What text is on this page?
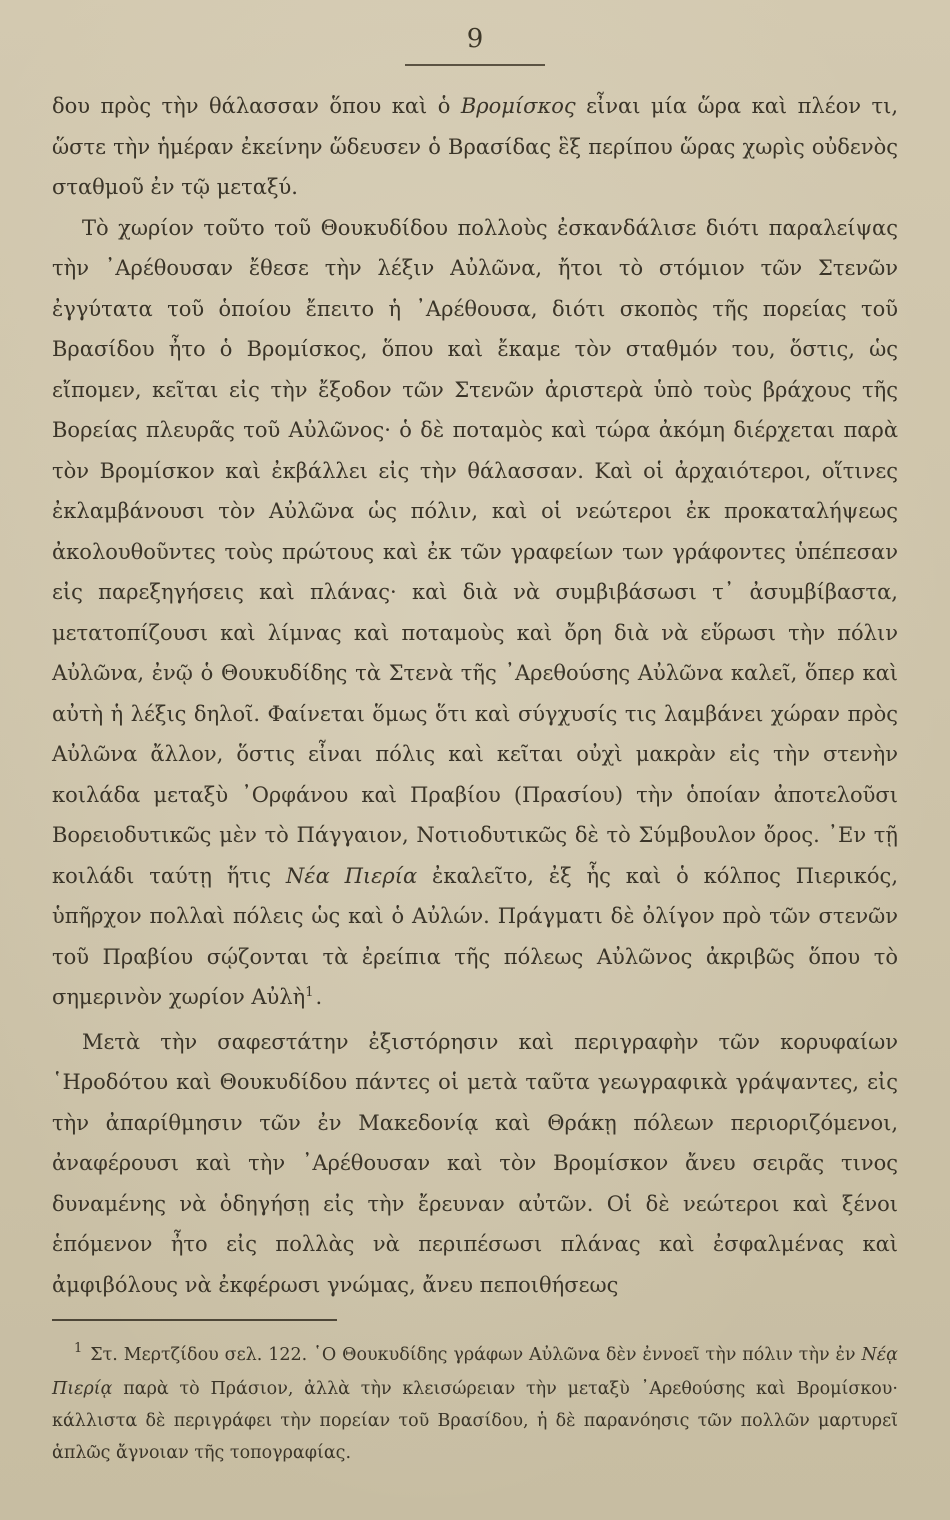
9

δου πρὸς τὴν θάλασσαν ὅπου καὶ ὁ Βρομίσκος εἶναι μία ὥρα καὶ πλέον τι, ὥστε τὴν ἡμέραν ἐκείνην ὥδευσεν ὁ Βρασίδας ἓξ περίπου ὥρας χωρὶς οὐδενὸς σταθμοῦ ἐν τῷ μεταξύ.

Τὸ χωρίον τοῦτο τοῦ Θουκυδίδου πολλοὺς ἐσκανδάλισε διότι παραλείψας τὴν ᾿Αρέθουσαν ἔθεσε τὴν λέξιν Αὐλῶνα, ἤτοι τὸ στόμιον τῶν Στενῶν ἐγγύτατα τοῦ ὁποίου ἔπειτο ἡ ᾿Αρέθουσα, διότι σκοπὸς τῆς πορείας τοῦ Βρασίδου ἦτο ὁ Βρομίσκος, ὅπου καὶ ἔκαμε τὸν σταθμόν του, ὅστις, ὡς εἴπομεν, κεῖται εἰς τὴν ἔξοδον τῶν Στενῶν ἀριστερὰ ὑπὸ τοὺς βράχους τῆς Βορείας πλευρᾶς τοῦ Αὐλῶνος· ὁ δὲ ποταμὸς καὶ τώρα ἀκόμη διέρχεται παρὰ τὸν Βρομίσκον καὶ ἐκβάλλει εἰς τὴν θάλασσαν. Καὶ οἱ ἀρχαιότεροι, οἵτινες ἐκλαμβάνουσι τὸν Αὐλῶνα ὡς πόλιν, καὶ οἱ νεώτεροι ἐκ προκαταλήψεως ἀκολουθοῦντες τοὺς πρώτους καὶ ἐκ τῶν γραφείων των γράφοντες ὑπέπεσαν εἰς παρεξηγήσεις καὶ πλάνας· καὶ διὰ νὰ συμβιβάσωσι τ᾿ ἀσυμβίβαστα, μετατοπίζουσι καὶ λίμνας καὶ ποταμοὺς καὶ ὄρη διὰ νὰ εὕρωσι τὴν πόλιν Αὐλῶνα, ἐνῷ ὁ Θουκυδίδης τὰ Στενὰ τῆς ᾿Αρεθούσης Αὐλῶνα καλεῖ, ὅπερ καὶ αὐτὴ ἡ λέξις δηλοῖ. Φαίνεται ὅμως ὅτι καὶ σύγχυσίς τις λαμβάνει χώραν πρὸς Αὐλῶνα ἄλλον, ὅστις εἶναι πόλις καὶ κεῖται οὐχὶ μακρὰν εἰς τὴν στενὴν κοιλάδα μεταξὺ ᾿Ορφάνου καὶ Πραβίου (Πρασίου) τὴν ὁποίαν ἀποτελοῦσι Βορειοδυτικῶς μὲν τὸ Πάγγαιον, Νοτιοδυτικῶς δὲ τὸ Σύμβουλον ὄρος. ᾿Εν τῇ κοιλάδι ταύτῃ ἥτις Νέα Πιερία ἐκαλεῖτο, ἐξ ἧς καὶ ὁ κόλπος Πιερικός, ὑπῆρχον πολλαὶ πόλεις ὡς καὶ ὁ Αὐλών. Πράγματι δὲ ὀλίγον πρὸ τῶν στενῶν τοῦ Πραβίου σῴζονται τὰ ἐρείπια τῆς πόλεως Αὐλῶνος ἀκριβῶς ὅπου τὸ σημερινὸν χωρίον Αὐλὴ$^1$.

Μετὰ τὴν σαφεστάτην ἐξιστόρησιν καὶ περιγραφὴν τῶν κορυφαίων ῾Ηροδότου καὶ Θουκυδίδου πάντες οἱ μετὰ ταῦτα γεωγραφικὰ γράψαντες, εἰς τὴν ἀπαρίθμησιν τῶν ἐν Μακεδονίᾳ καὶ Θράκῃ πόλεων περιοριζόμενοι, ἀναφέρουσι καὶ τὴν ᾿Αρέθουσαν καὶ τὸν Βρομίσκον ἄνευ σειρᾶς τινος δυναμένης νὰ ὁδηγήσῃ εἰς τὴν ἔρευναν αὐτῶν. Οἱ δὲ νεώτεροι καὶ ξένοι ἑπόμενον ἦτο εἰς πολλὰς νὰ περιπέσωσι πλάνας καὶ ἐσφαλμένας καὶ ἀμφιβόλους νὰ ἐκφέρωσι γνώμας, ἄνευ πεποιθήσεως

$^1$ Στ. Μερτζίδου σελ. 122. ῾Ο Θουκυδίδης γράφων Αὐλῶνα δὲν ἐννοεῖ τὴν πόλιν τὴν ἐν Νέᾳ Πιερίᾳ παρὰ τὸ Πράσιον, ἀλλὰ τὴν κλεισώρειαν τὴν μεταξὺ ᾿Αρεθούσης καὶ Βρομίσκου· κάλλιστα δὲ περιγράφει τὴν πορείαν τοῦ Βρασίδου, ἡ δὲ παρανόησις τῶν πολλῶν μαρτυρεῖ ἁπλῶς ἄγνοιαν τῆς τοπογραφίας.
